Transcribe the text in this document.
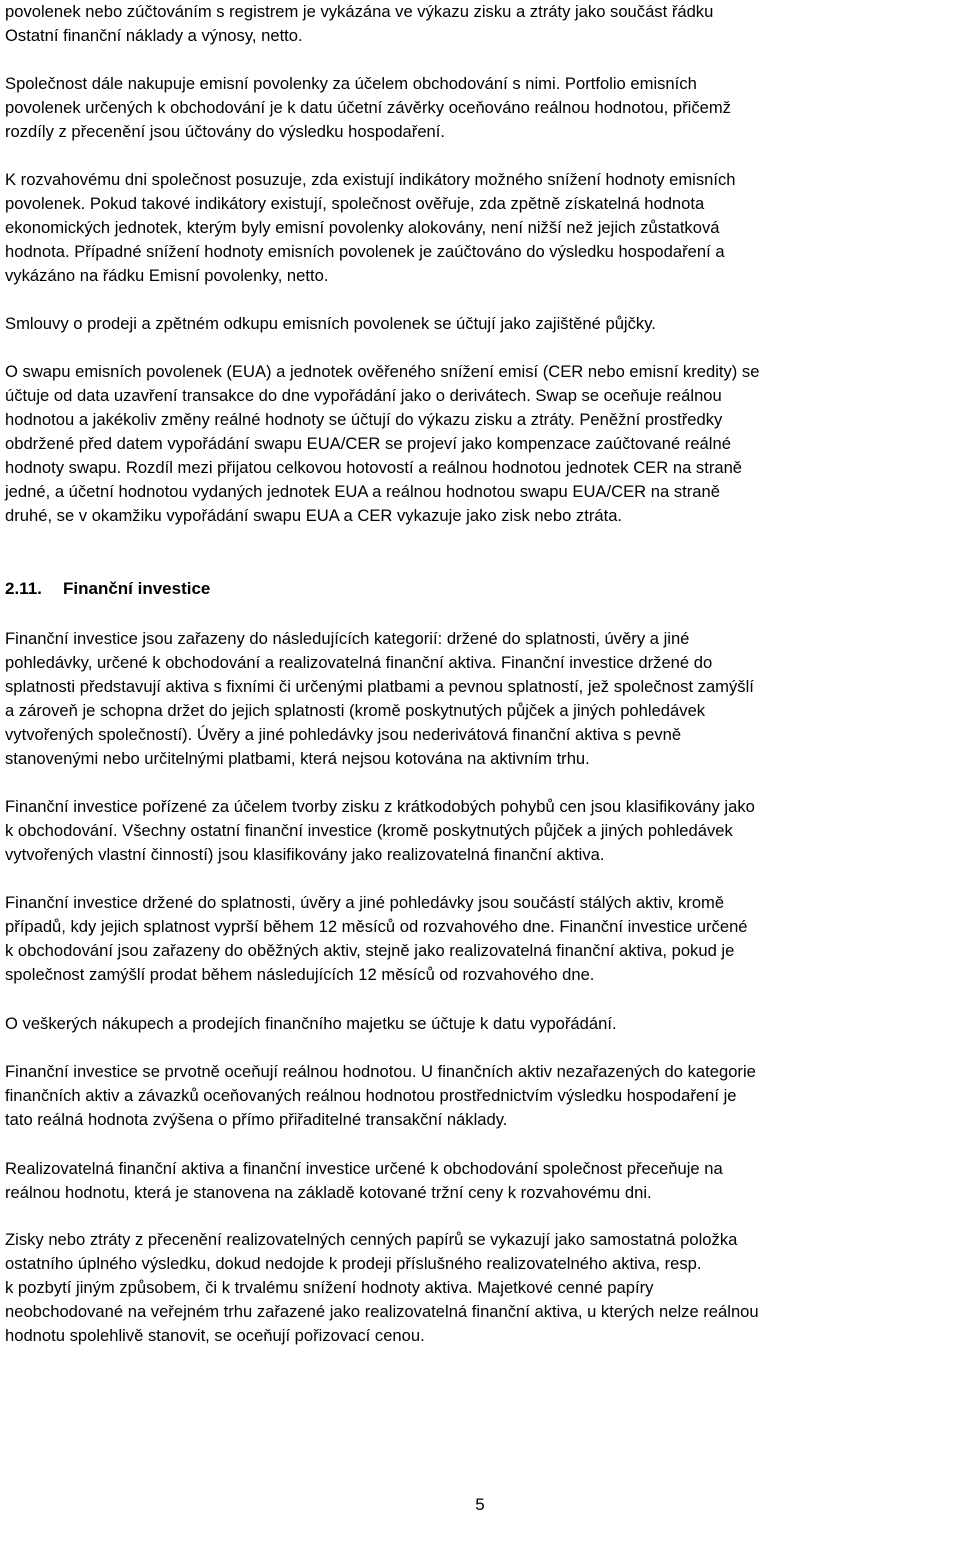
povolenek nebo zúčtováním s registrem je vykázána ve výkazu zisku a ztráty jako součást řádku
Ostatní finanční náklady a výnosy, netto.
Společnost dále nakupuje emisní povolenky za účelem obchodování s nimi. Portfolio emisních
povolenek určených k obchodování je k datu účetní závěrky oceňováno reálnou hodnotou, přičemž
rozdíly z přecenění jsou účtovány do výsledku hospodaření.
K rozvahovému dni společnost posuzuje, zda existují indikátory možného snížení hodnoty emisních
povolenek. Pokud takové indikátory existují, společnost ověřuje, zda zpětně získatelná hodnota
ekonomických jednotek, kterým byly emisní povolenky alokovány, není nižší než jejich zůstatková
hodnota. Případné snížení hodnoty emisních povolenek je zaúčtováno do výsledku hospodaření a
vykázáno na řádku Emisní povolenky, netto.
Smlouvy o prodeji a zpětném odkupu emisních povolenek se účtují jako zajištěné půjčky.
O swapu emisních povolenek (EUA) a jednotek ověřeného snížení emisí (CER nebo emisní kredity) se
účtuje od data uzavření transakce do dne vypořádání jako o derivátech. Swap se oceňuje reálnou
hodnotou a jakékoliv změny reálné hodnoty se účtují do výkazu zisku a ztráty. Peněžní prostředky
obdržené před datem vypořádání swapu EUA/CER se projeví jako kompenzace zaúčtované reálné
hodnoty swapu. Rozdíl mezi přijatou celkovou hotovostí a reálnou hodnotou jednotek CER na straně
jedné, a účetní hodnotou vydaných jednotek EUA a reálnou hodnotou swapu EUA/CER na straně
druhé, se v okamžiku vypořádání swapu EUA a CER vykazuje jako zisk nebo ztráta.
2.11. Finanční investice
Finanční investice jsou zařazeny do následujících kategorií: držené do splatnosti, úvěry a jiné
pohledávky, určené k obchodování a realizovatelná finanční aktiva. Finanční investice držené do
splatnosti představují aktiva s fixními či určenými platbami a pevnou splatností, jež společnost zamýšlí
a zároveň je schopna držet do jejich splatnosti (kromě poskytnutých půjček a jiných pohledávek
vytvořených společností). Úvěry a jiné pohledávky jsou nederivátová finanční aktiva s pevně
stanovenými nebo určitelnými platbami, která nejsou kotována na aktivním trhu.
Finanční investice pořízené za účelem tvorby zisku z krátkodobých pohybů cen jsou klasifikovány jako
k obchodování. Všechny ostatní finanční investice (kromě poskytnutých půjček a jiných pohledávek
vytvořených vlastní činností) jsou klasifikovány jako realizovatelná finanční aktiva.
Finanční investice držené do splatnosti, úvěry a jiné pohledávky jsou součástí stálých aktiv, kromě
případů, kdy jejich splatnost vyprší během 12 měsíců od rozvahového dne. Finanční investice určené
k obchodování jsou zařazeny do oběžných aktiv, stejně jako realizovatelná finanční aktiva, pokud je
společnost zamýšlí prodat během následujících 12 měsíců od rozvahového dne.
O veškerých nákupech a prodejích finančního majetku se účtuje k datu vypořádání.
Finanční investice se prvotně oceňují reálnou hodnotou. U finančních aktiv nezařazených do kategorie
finančních aktiv a závazků oceňovaných reálnou hodnotou prostřednictvím výsledku hospodaření je
tato reálná hodnota zvýšena o přímo přiřaditelné transakční náklady.
Realizovatelná finanční aktiva a finanční investice určené k obchodování společnost přeceňuje na
reálnou hodnotu, která je stanovena na základě kotované tržní ceny k rozvahovému dni.
Zisky nebo ztráty z přecenění realizovatelných cenných papírů se vykazují jako samostatná položka
ostatního úplného výsledku, dokud nedojde k prodeji příslušného realizovatelného aktiva, resp.
k pozbytí jiným způsobem, či k trvalému snížení hodnoty aktiva. Majetkové cenné papíry
neobchodované na veřejném trhu zařazené jako realizovatelná finanční aktiva, u kterých nelze reálnou
hodnotu spolehlivě stanovit, se oceňují pořizovací cenou.
5
